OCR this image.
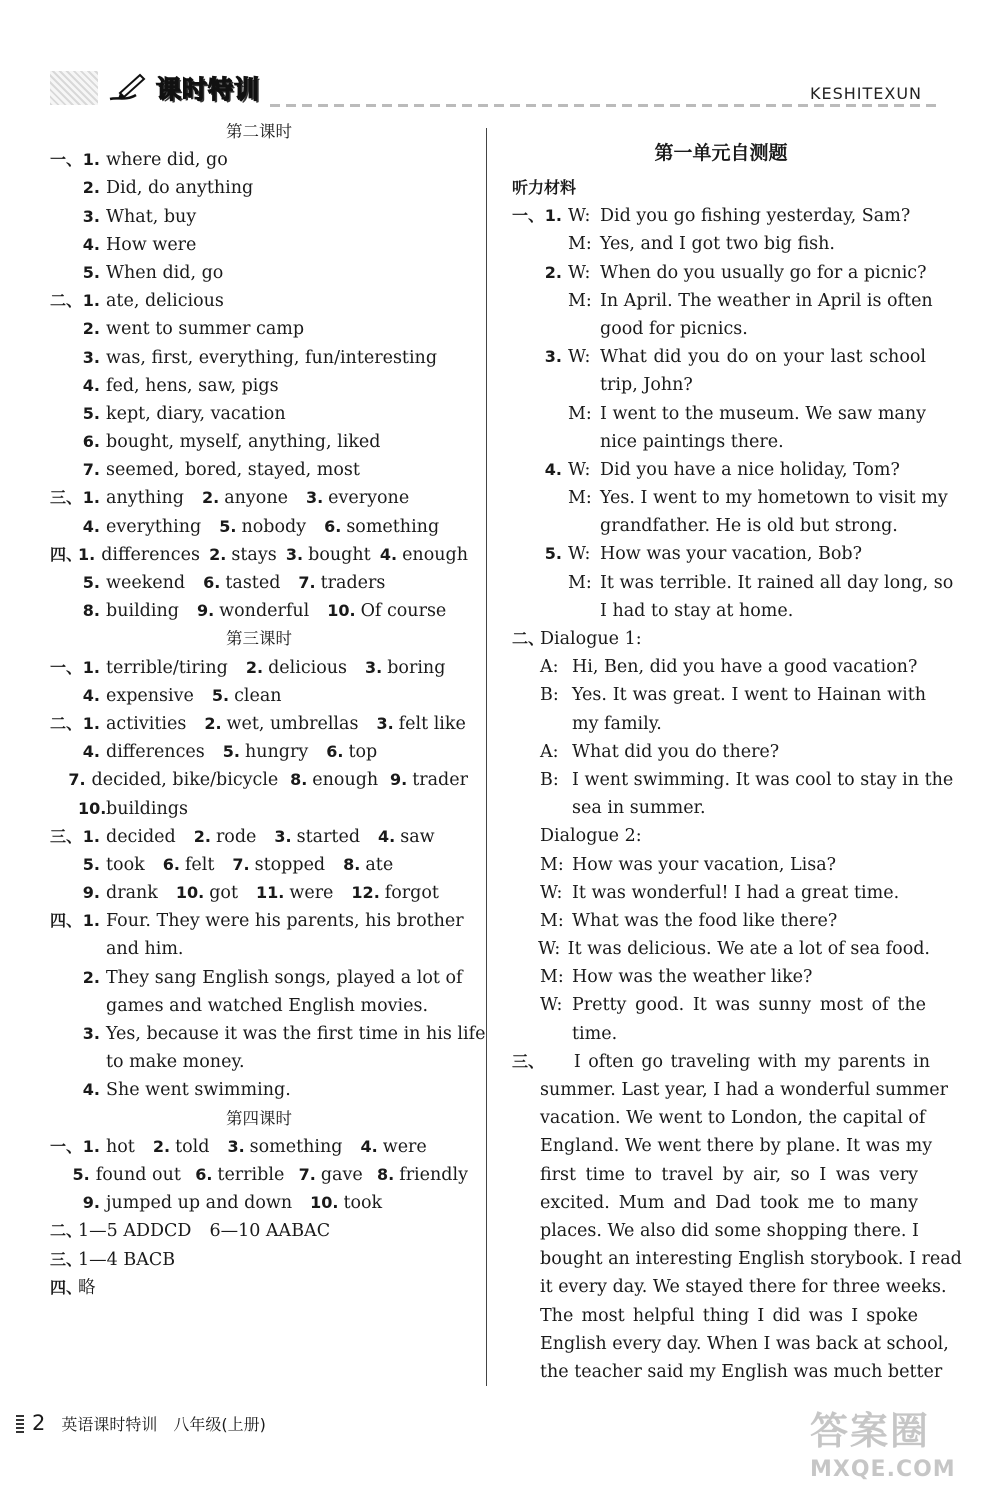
课时特训	KESHITEXUN
第二课时
一、 1. where did, go
2. Did, do anything
3. What, buy
4. How were
5. When did, go
二、 1. ate, delicious
2. went to summer camp
3. was, first, everything, fun/interesting
4. fed, hens, saw, pigs
5. kept, diary, vacation
6. bought, myself, anything, liked
7. seemed, bored, stayed, most
三、 1. anything 2. anyone 3. everyone
4. everything 5. nobody 6. something
四、
1. differences 2. stays 3. bought 4. enough
5. weekend 6. tasted 7. traders
8. building 9. wonderful 10. Of course
第三课时
一、 1. terrible/tiring 2. delicious 3. boring
4. expensive 5. clean
二、 1. activities 2. wet, umbrellas 3. felt like
4. differences 5. hungry 6. top
7. decided, bike/bicycle 8. enough 9. trader
10. buildings
三、 1. decided 2. rode 3. started 4. saw
5. took 6. felt 7. stopped 8. ate
9. drank 10. got 11. were 12. forgot
四、 1. Four. They were his parents, his brother
and him.
2. They sang English songs, played a lot of
games and watched English movies.
3. Yes, because it was the first time in his life
to make money.
4. She went swimming.
第四课时
一、 1. hot 2. told 3. something 4. were
5. found out 6. terrible 7. gave 8. friendly
9. jumped up and down 10. took
二、
1—5 ADDCD 6—10 AABAC
三、
1—4 BACB
四、
略
第一单元自测题
听力材料
一、 1. W: Did you go fishing yesterday, Sam?
M: Yes, and I got two big fish.
2. W: When do you usually go for a picnic?
M: In April. The weather in April is often
good for picnics.
3. W: What did you do on your last school
trip, John?
M: I went to the museum. We saw many
nice paintings there.
4. W: Did you have a nice holiday, Tom?
M: Yes. I went to my hometown to visit my
grandfather. He is old but strong.
5. W: How was your vacation, Bob?
M: It was terrible. It rained all day long, so
I had to stay at home.
二、
Dialogue 1:
A: Hi, Ben, did you have a good vacation?
B: Yes. It was great. I went to Hainan with
my family.
A: What did you do there?
B: I went swimming. It was cool to stay in the
sea in summer.
Dialogue 2:
M: How was your vacation, Lisa?
W: It was wonderful! I had a great time.
M: What was the food like there?
W: It was delicious. We ate a lot of sea food.
M: How was the weather like?
W: Pretty good. It was sunny most of the
time.
三、 I often go traveling with my parents in
summer. Last year, I had a wonderful summer
vacation. We went to London, the capital of
England. We went there by plane. It was my
first time to travel by air, so I was very
excited. Mum and Dad took me to many
places. We also did some shopping there. I
bought an interesting English storybook. I read
it every day. We stayed there for three weeks.
The most helpful thing I did was I spoke
English every day. When I was back at school,
the teacher said my English was much better
2 英语课时特训 八年级(上册)	答案圈
MXQE.COM
